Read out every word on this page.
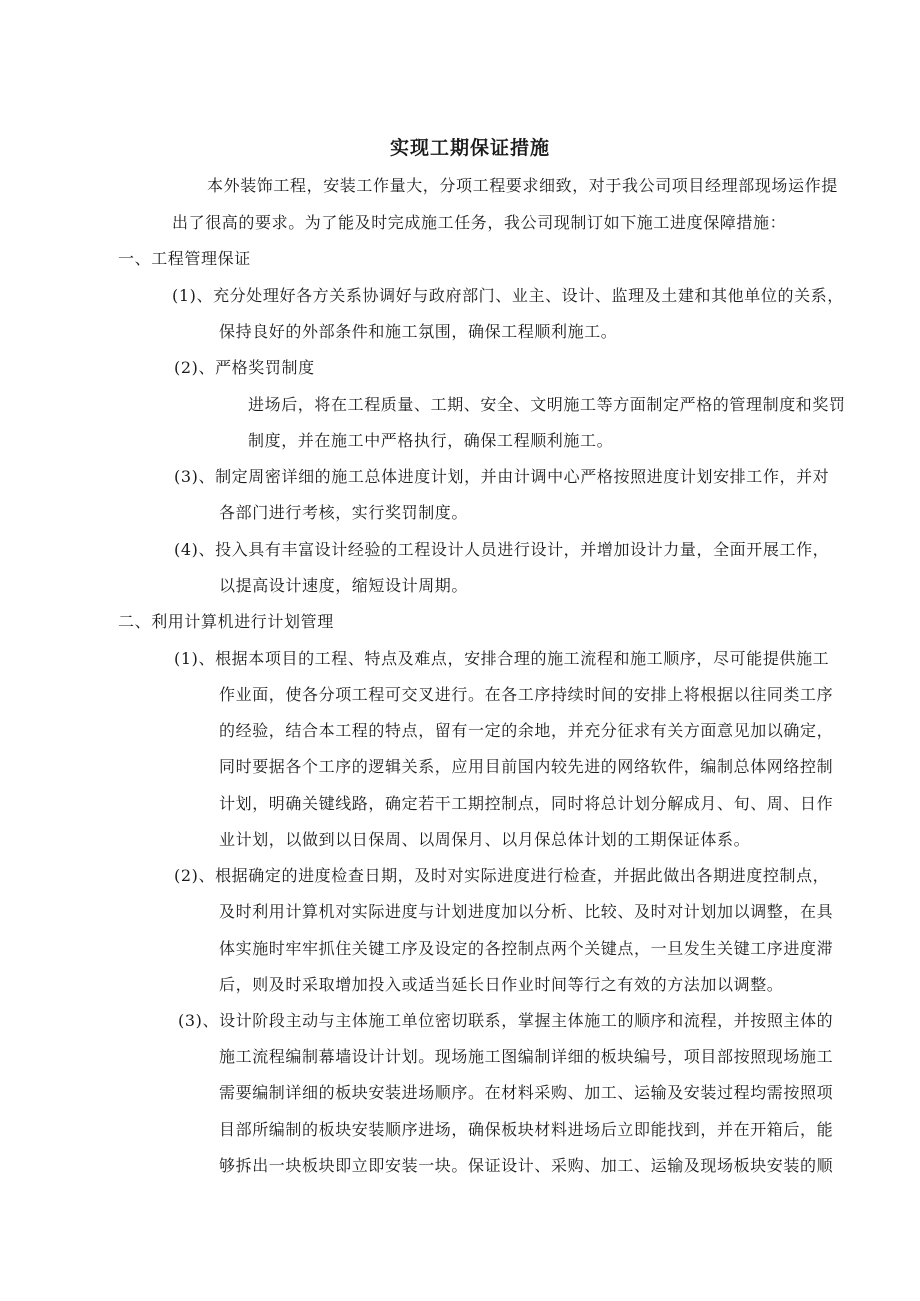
实现工期保证措施
本外装饰工程，安装工作量大，分项工程要求细致，对于我公司项目经理部现场运作提
出了很高的要求。为了能及时完成施工任务，我公司现制订如下施工进度保障措施：
一、工程管理保证
(1)、充分处理好各方关系协调好与政府部门、业主、设计、监理及土建和其他单位的关系，
保持良好的外部条件和施工氛围，确保工程顺利施工。
(2)、严格奖罚制度
进场后，将在工程质量、工期、安全、文明施工等方面制定严格的管理制度和奖罚
制度，并在施工中严格执行，确保工程顺利施工。
(3)、制定周密详细的施工总体进度计划，并由计调中心严格按照进度计划安排工作，并对
各部门进行考核，实行奖罚制度。
(4)、投入具有丰富设计经验的工程设计人员进行设计，并增加设计力量，全面开展工作，
以提高设计速度，缩短设计周期。
二、利用计算机进行计划管理
(1)、根据本项目的工程、特点及难点，安排合理的施工流程和施工顺序，尽可能提供施工
作业面，使各分项工程可交叉进行。在各工序持续时间的安排上将根据以往同类工序
的经验，结合本工程的特点，留有一定的余地，并充分征求有关方面意见加以确定，
同时要据各个工序的逻辑关系，应用目前国内较先进的网络软件，编制总体网络控制
计划，明确关键线路，确定若干工期控制点，同时将总计划分解成月、旬、周、日作
业计划，以做到以日保周、以周保月、以月保总体计划的工期保证体系。
(2)、根据确定的进度检查日期，及时对实际进度进行检查，并据此做出各期进度控制点，
及时利用计算机对实际进度与计划进度加以分析、比较、及时对计划加以调整，在具
体实施时牢牢抓住关键工序及设定的各控制点两个关键点，一旦发生关键工序进度滞
后，则及时采取增加投入或适当延长日作业时间等行之有效的方法加以调整。
(3)、设计阶段主动与主体施工单位密切联系，掌握主体施工的顺序和流程，并按照主体的
施工流程编制幕墙设计计划。现场施工图编制详细的板块编号，项目部按照现场施工
需要编制详细的板块安装进场顺序。在材料采购、加工、运输及安装过程均需按照项
目部所编制的板块安装顺序进场，确保板块材料进场后立即能找到，并在开箱后，能
够拆出一块板块即立即安装一块。保证设计、采购、加工、运输及现场板块安装的顺
